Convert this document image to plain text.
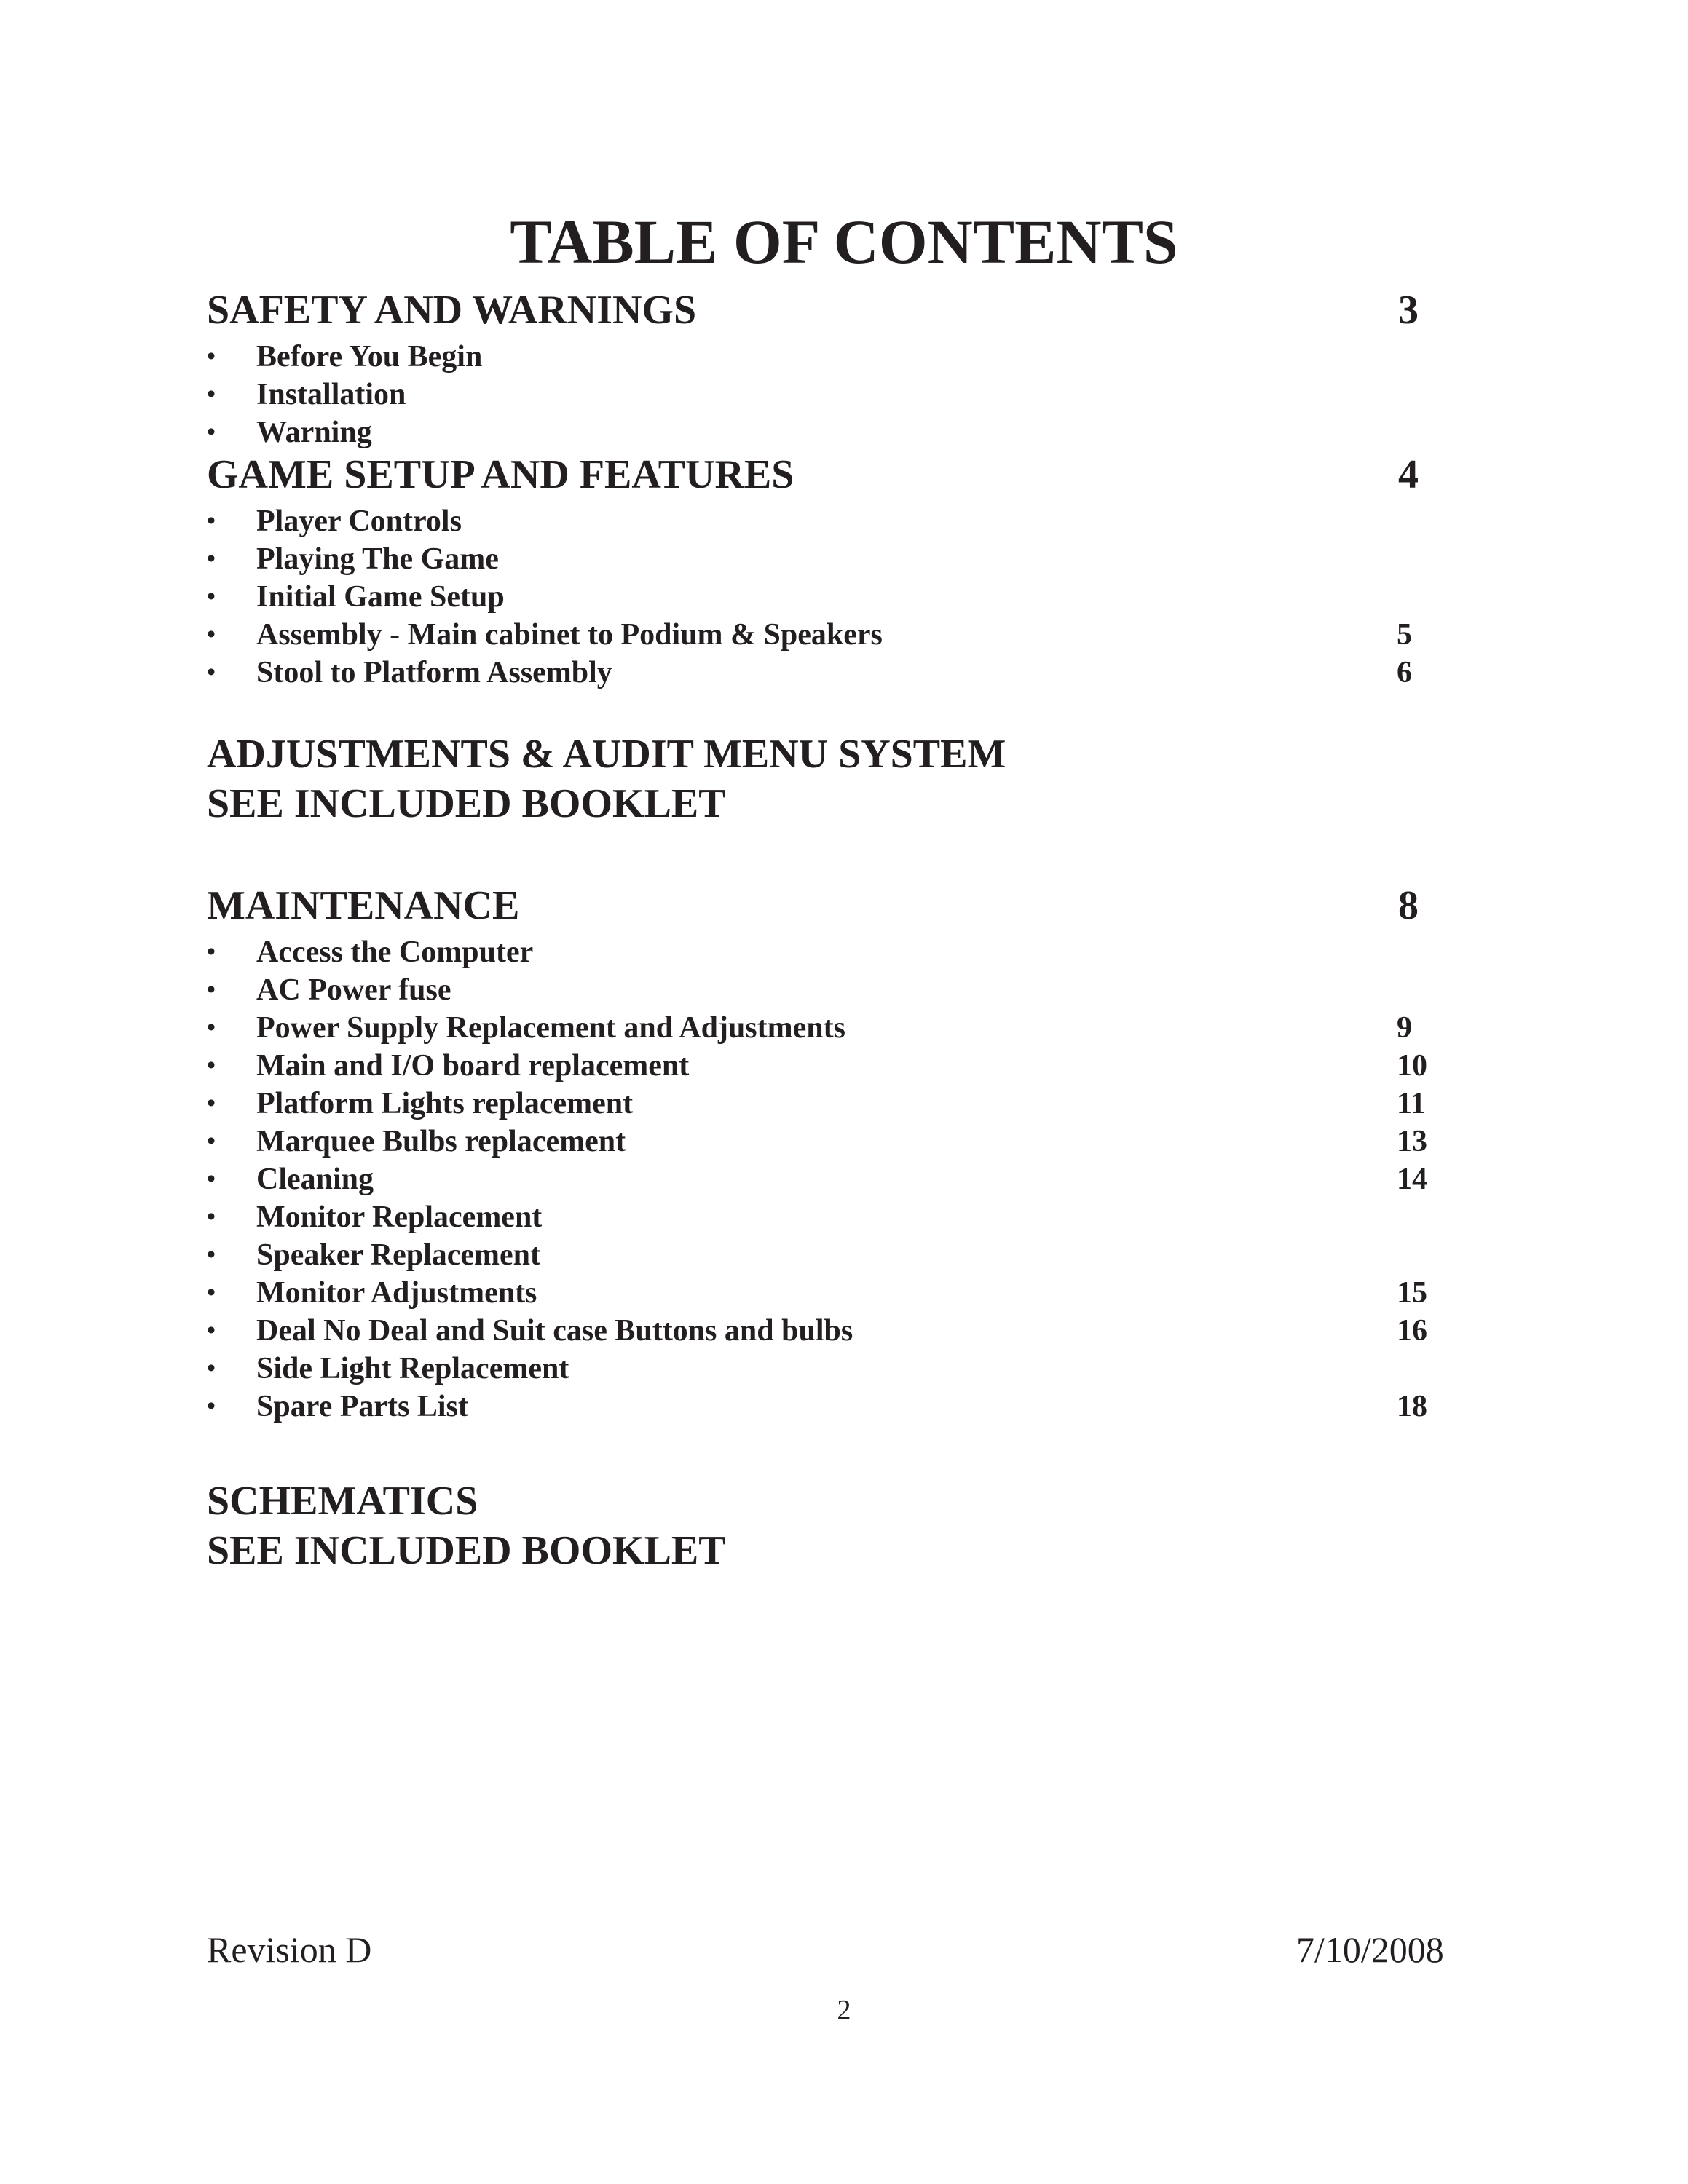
TABLE OF CONTENTS
SAFETY AND WARNINGS	3
• Before You Begin
• Installation
• Warning
GAME SETUP AND FEATURES	4
• Player Controls
• Playing The Game
• Initial Game Setup
• Assembly - Main cabinet to Podium & Speakers	5
• Stool to Platform Assembly	6
ADJUSTMENTS & AUDIT MENU SYSTEM
SEE INCLUDED BOOKLET
MAINTENANCE	8
• Access the Computer
• AC Power fuse
• Power Supply Replacement and Adjustments	9
• Main and I/O board replacement	10
• Platform Lights replacement	11
• Marquee Bulbs replacement	13
• Cleaning	14
• Monitor Replacement
• Speaker Replacement
• Monitor Adjustments	15
• Deal No Deal and Suit case Buttons and bulbs	16
• Side Light Replacement
• Spare Parts List	18
SCHEMATICS
SEE INCLUDED BOOKLET
Revision D	7/10/2008
2
